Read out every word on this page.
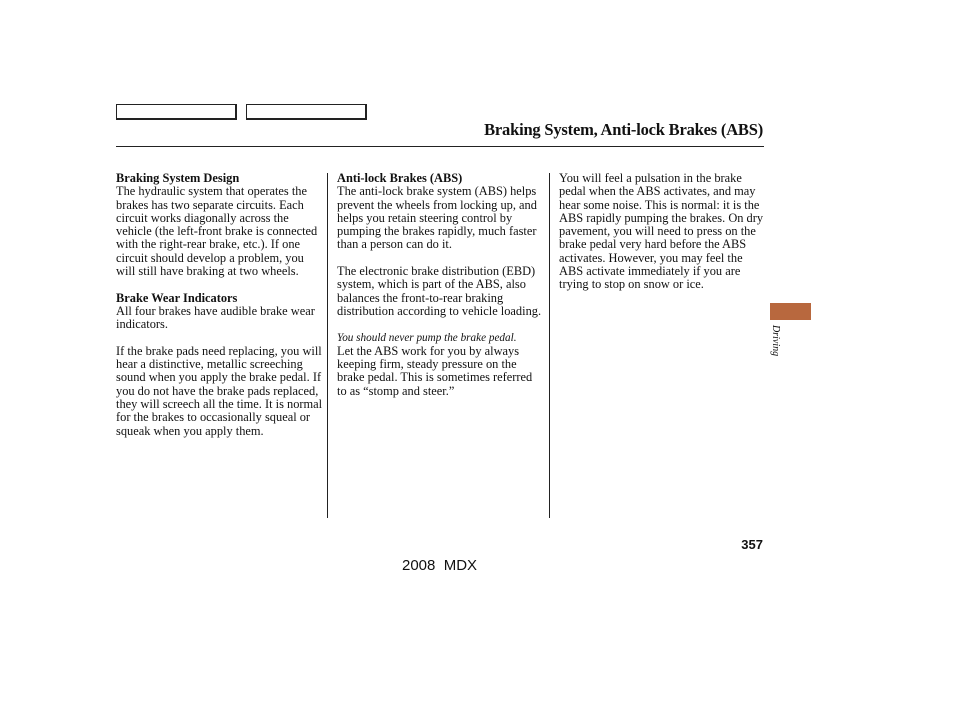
Braking System, Anti-lock Brakes (ABS)
Braking System Design

The hydraulic system that operates the brakes has two separate circuits. Each circuit works diagonally across the vehicle (the left-front brake is connected with the right-rear brake, etc.). If one circuit should develop a problem, you will still have braking at two wheels.

Brake Wear Indicators

All four brakes have audible brake wear indicators.

If the brake pads need replacing, you will hear a distinctive, metallic screeching sound when you apply the brake pedal. If you do not have the brake pads replaced, they will screech all the time. It is normal for the brakes to occasionally squeal or squeak when you apply them.

Anti-lock Brakes (ABS)

The anti-lock brake system (ABS) helps prevent the wheels from locking up, and helps you retain steering control by pumping the brakes rapidly, much faster than a person can do it.

The electronic brake distribution (EBD) system, which is part of the ABS, also balances the front-to-rear braking distribution according to vehicle loading.

You should never pump the brake pedal.

Let the ABS work for you by always keeping firm, steady pressure on the brake pedal. This is sometimes referred to as “stomp and steer.”

You will feel a pulsation in the brake pedal when the ABS activates, and may hear some noise. This is normal: it is the ABS rapidly pumping the brakes. On dry pavement, you will need to press on the brake pedal very hard before the ABS activates. However, you may feel the ABS activate immediately if you are trying to stop on snow or ice.

Driving
357
2008  MDX
